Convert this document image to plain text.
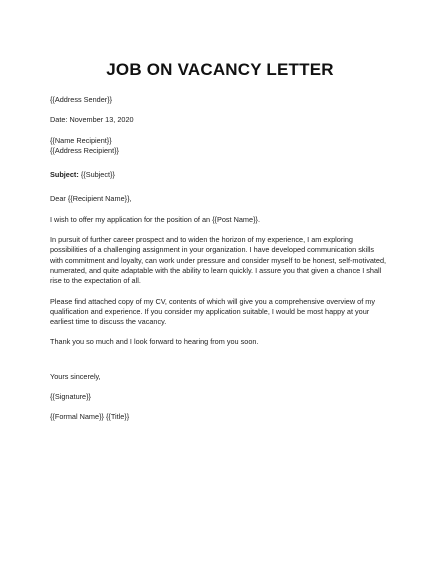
JOB ON VACANCY LETTER

{{Address Sender}}

Date: November 13, 2020

{{Name Recipient}}

{{Address Recipient}}

Subject: {{Subject}}

Dear {{Recipient Name}},

I wish to offer my application for the position of an {{Post Name}}.

In pursuit of further career prospect and to widen the horizon of my experience, I am exploring

possibilities of a challenging assignment in your organization. I have developed communication skills

with commitment and loyalty, can work under pressure and consider myself to be honest, self-motivated,

numerated, and quite adaptable with the ability to learn quickly. I assure you that given a chance I shall

rise to the expectation of all.

Please find attached copy of my CV, contents of which will give you a comprehensive overview of my

qualification and experience. If you consider my application suitable, I would be most happy at your

earliest time to discuss the vacancy.

Thank you so much and I look forward to hearing from you soon.

Yours sincerely,

{{Signature}}

{{Formal Name}} {{Title}}
